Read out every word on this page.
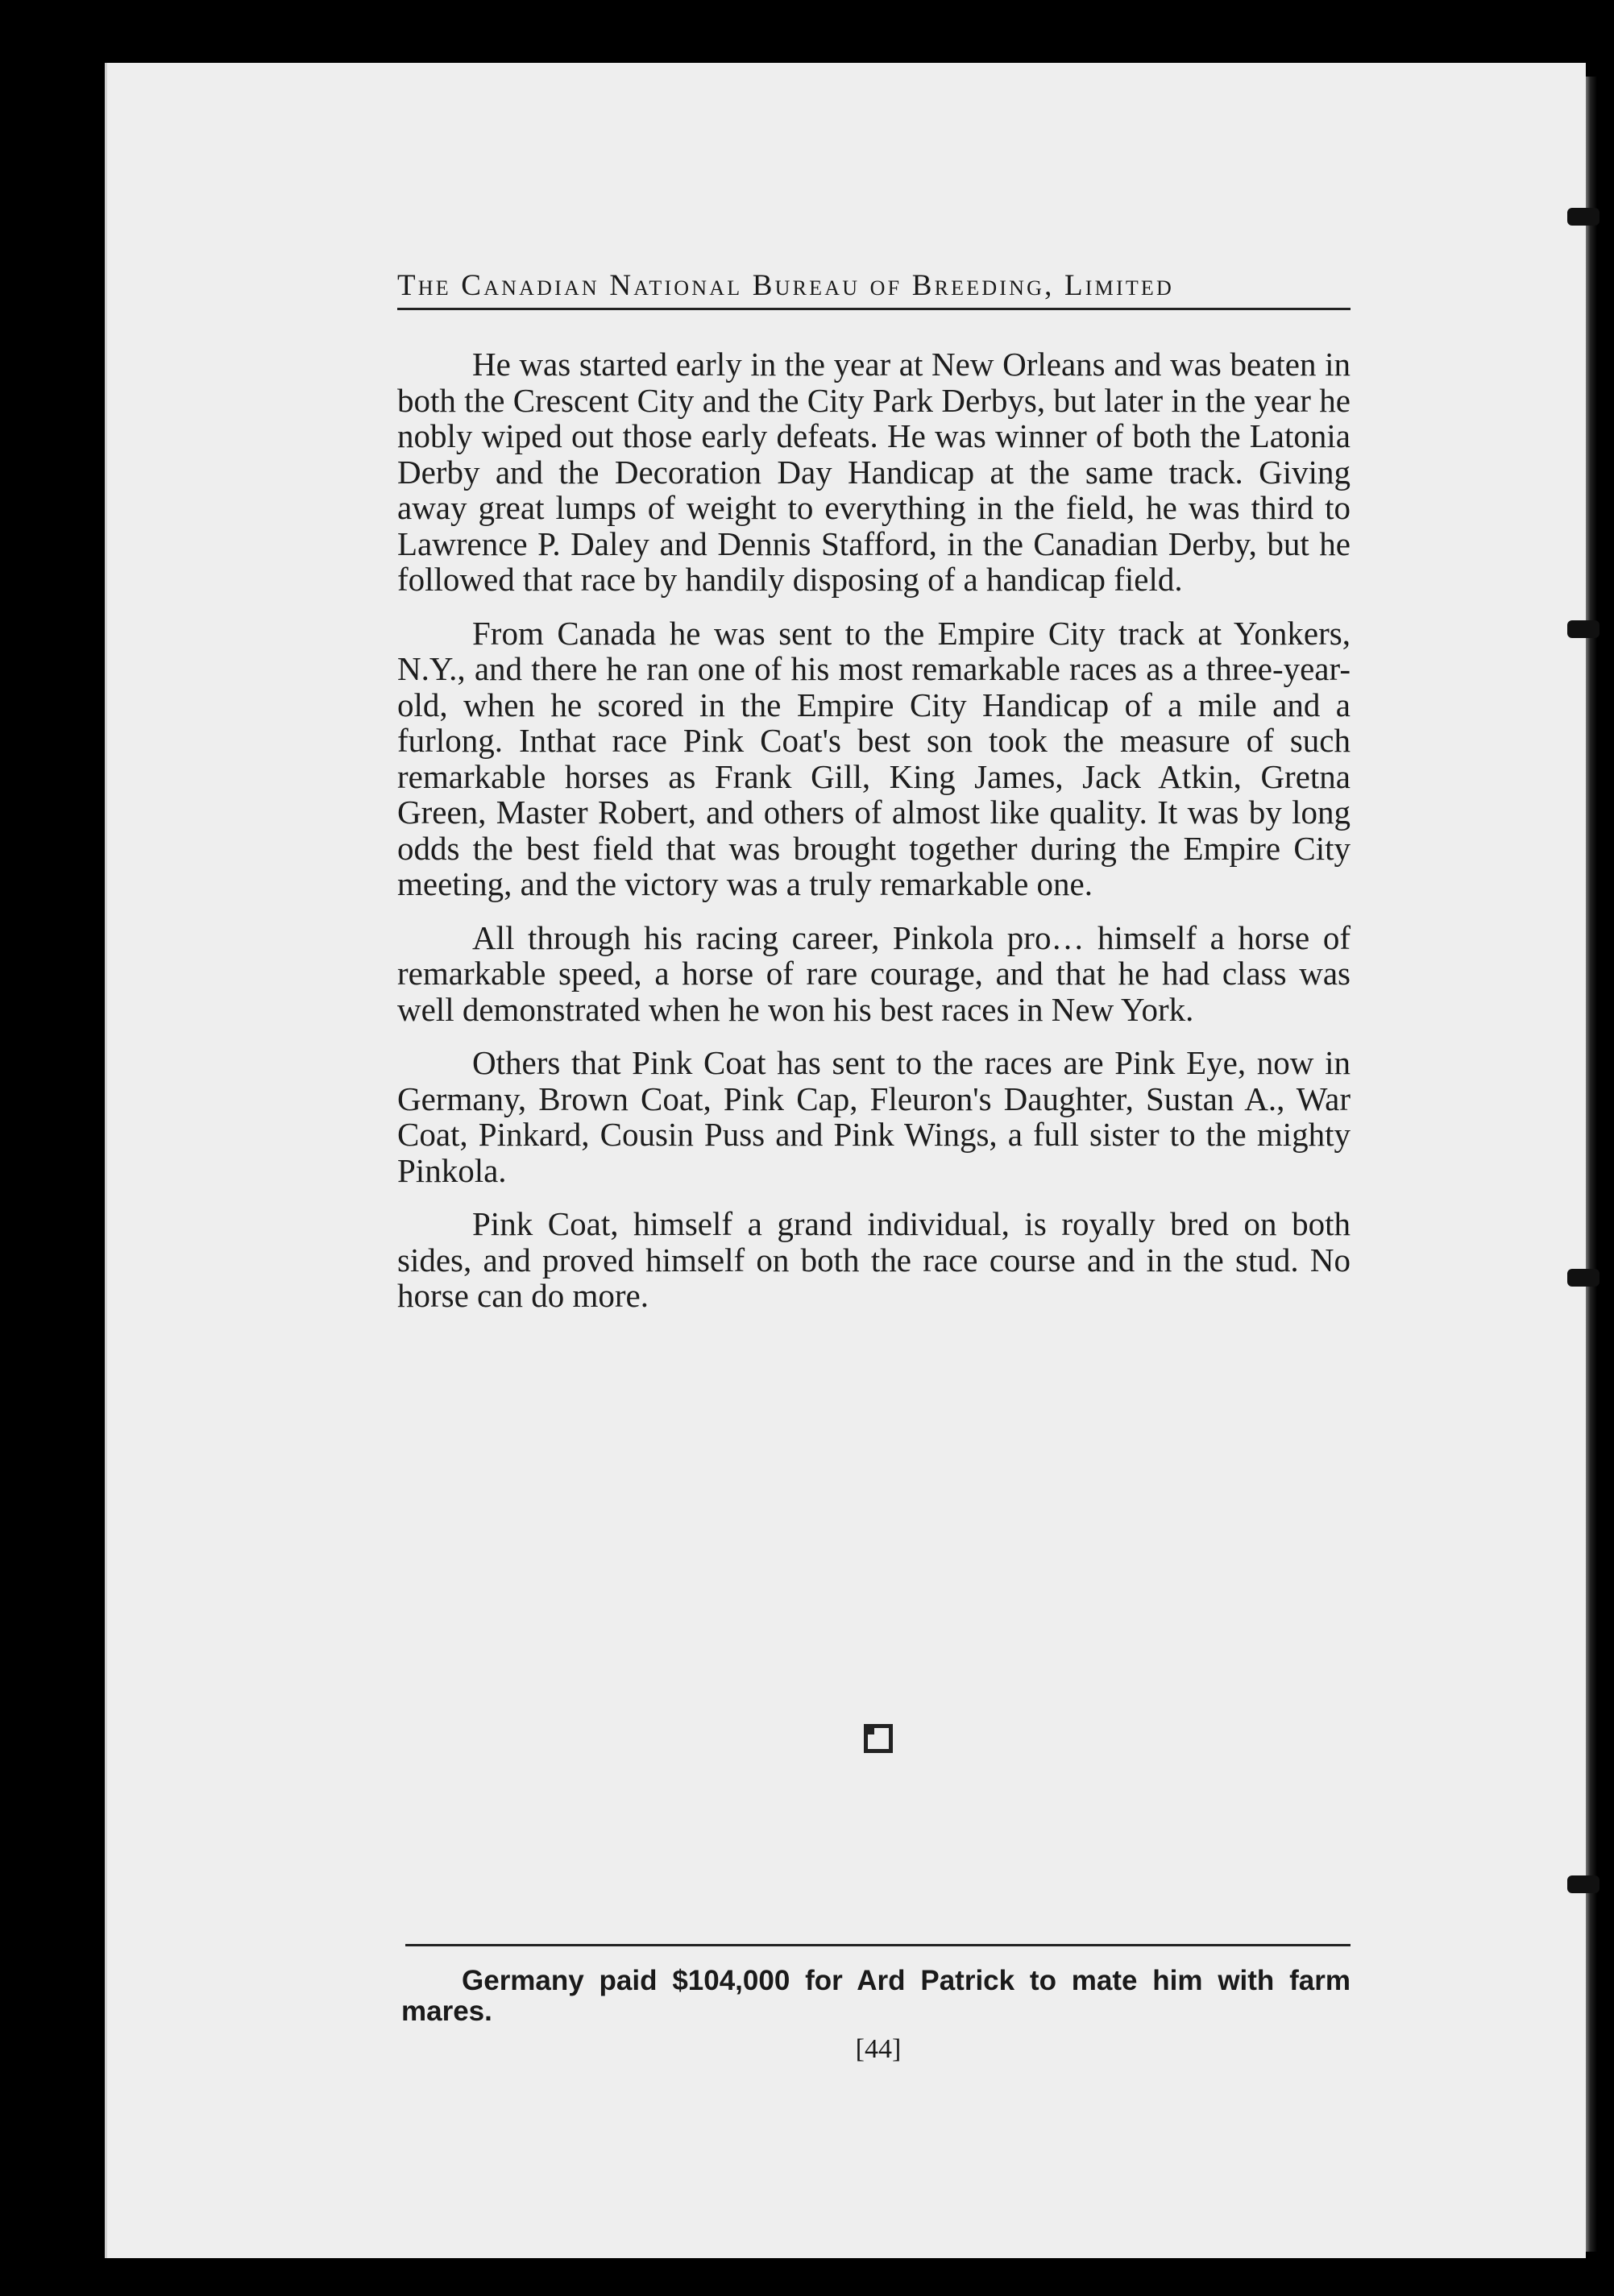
The Canadian National Bureau of Breeding, Limited

He was started early in the year at New Orleans and was beaten in both the Crescent City and the City Park Derbys, but later in the year he nobly wiped out those early defeats. He was winner of both the Latonia Derby and the Decoration Day Handicap at the same track. Giving away great lumps of weight to everything in the field, he was third to Lawrence P. Daley and Dennis Stafford, in the Canadian Derby, but he followed that race by handily disposing of a handicap field.

From Canada he was sent to the Empire City track at Yonkers, N.Y., and there he ran one of his most remarkable races as a three-year-old, when he scored in the Empire City Handicap of a mile and a furlong. Inthat race Pink Coat's best son took the measure of such remarkable horses as Frank Gill, King James, Jack Atkin, Gretna Green, Master Robert, and others of almost like quality. It was by long odds the best field that was brought together during the Empire City meeting, and the victory was a truly remarkable one.

All through his racing career, Pinkola pro… himself a horse of remarkable speed, a horse of rare courage, and that he had class was well demonstrated when he won his best races in New York.

Others that Pink Coat has sent to the races are Pink Eye, now in Germany, Brown Coat, Pink Cap, Fleuron's Daughter, Sustan A., War Coat, Pinkard, Cousin Puss and Pink Wings, a full sister to the mighty Pinkola.

Pink Coat, himself a grand individual, is royally bred on both sides, and proved himself on both the race course and in the stud. No horse can do more.

Germany paid $104,000 for Ard Patrick to mate him with farm mares.
[44]
